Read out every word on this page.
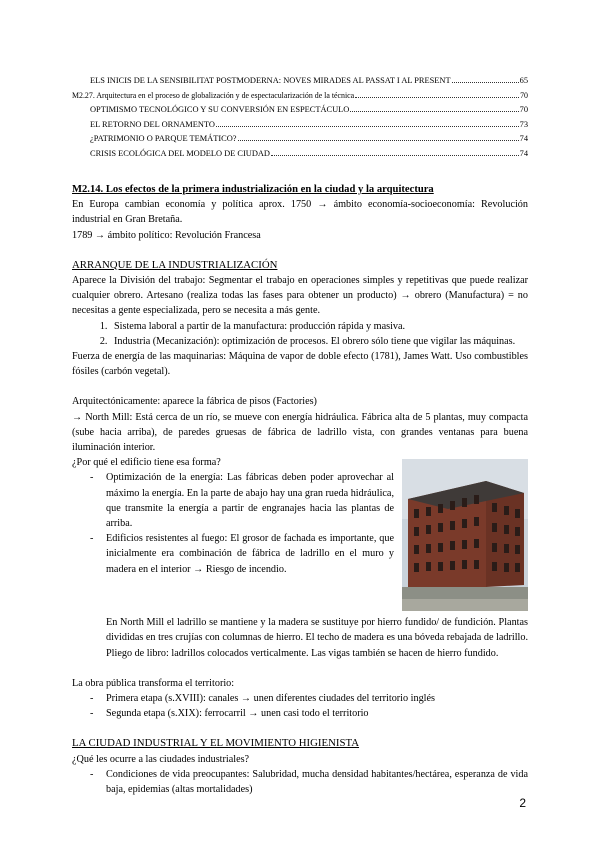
ELS INICIS DE LA SENSIBILITAT POSTMODERNA: NOVES MIRADES AL PASSAT I AL PRESENT	65
M2.27. Arquitectura en el proceso de globalización y de espectacularización de la técnica	70
OPTIMISMO TECNOLÓGICO Y SU CONVERSIÓN EN ESPECTÁCULO	70
EL RETORNO DEL ORNAMENTO	73
¿PATRIMONIO O PARQUE TEMÁTICO?	74
CRISIS ECOLÓGICA DEL MODELO DE CIUDAD	74

M2.14. Los efectos de la primera industrialización en la ciudad y la arquitectura

En Europa cambian economía y política aprox. 1750 → ámbito economía-socioeconomía: Revolución industrial en Gran Bretaña.

1789 → ámbito político: Revolución Francesa

ARRANQUE DE LA INDUSTRIALIZACIÓN

Aparece la División del trabajo: Segmentar el trabajo en operaciones simples y repetitivas que puede realizar cualquier obrero. Artesano (realiza todas las fases para obtener un producto) → obrero (Manufactura) = no necesitas a gente especializada, pero se necesita a más gente.

1. Sistema laboral a partir de la manufactura: producción rápida y masiva.
2. Industria (Mecanización): optimización de procesos. El obrero sólo tiene que vigilar las máquinas.

Fuerza de energía de las maquinarias: Máquina de vapor de doble efecto (1781), James Watt. Uso combustibles fósiles (carbón vegetal).

Arquitectónicamente: aparece la fábrica de pisos (Factories)

→ North Mill: Está cerca de un río, se mueve con energía hidráulica. Fábrica alta de 5 plantas, muy compacta (sube hacia arriba), de paredes gruesas de fábrica de ladrillo vista, con grandes ventanas para buena iluminación interior.

¿Por qué el edificio tiene esa forma?

- Optimización de la energía: Las fábricas deben poder aprovechar al máximo la energía. En la parte de abajo hay una gran rueda hidráulica, que transmite la energía a partir de engranajes hacia las plantas de arriba.
- Edificios resistentes al fuego: El grosor de fachada es importante, que inicialmente era combinación de fábrica de ladrillo en el muro y madera en el interior → Riesgo de incendio.
En North Mill el ladrillo se mantiene y la madera se sustituye por hierro fundido/ de fundición. Plantas divididas en tres crujías con columnas de hierro. El techo de madera es una bóveda rebajada de ladrillo. Pliego de libro: ladrillos colocados verticalmente. Las vigas también se hacen de hierro fundido.

La obra pública transforma el territorio:

- Primera etapa (s.XVIII): canales → unen diferentes ciudades del territorio inglés
- Segunda etapa (s.XIX): ferrocarril → unen casi todo el territorio

LA CIUDAD INDUSTRIAL Y EL MOVIMIENTO HIGIENISTA

¿Qué les ocurre a las ciudades industriales?

- Condiciones de vida preocupantes: Salubridad, mucha densidad habitantes/hectárea, esperanza de vida baja, epidemias (altas mortalidades)
2
